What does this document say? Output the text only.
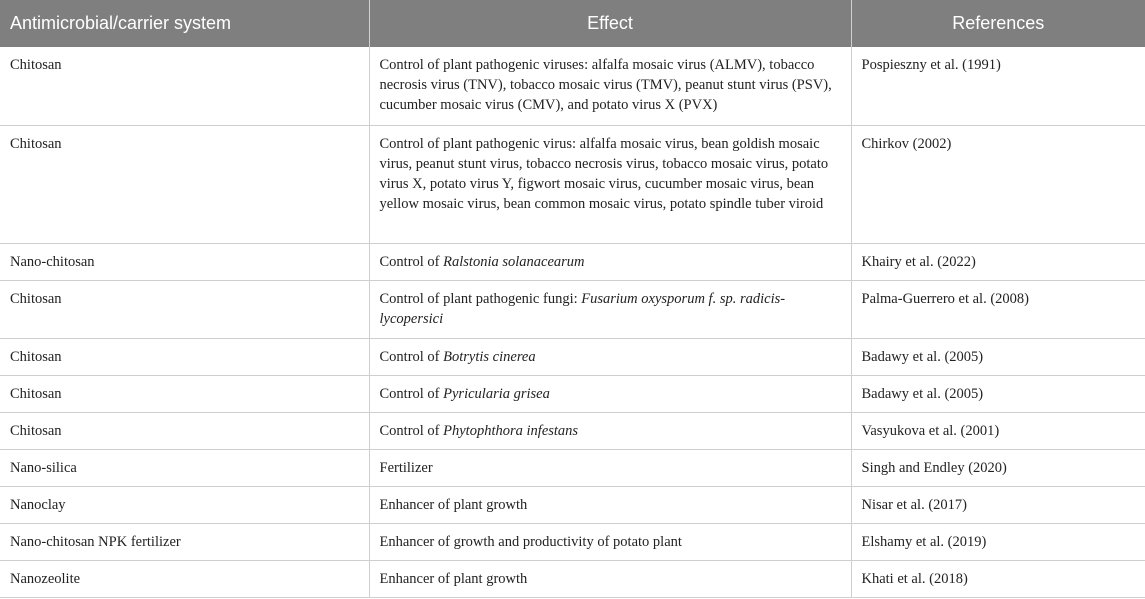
Antimicrobial/carrier system	Effect	References
Chitosan	Control of plant pathogenic viruses: alfalfa mosaic virus (ALMV), tobacco necrosis virus (TNV), tobacco mosaic virus (TMV), peanut stunt virus (PSV), cucumber mosaic virus (CMV), and potato virus X (PVX)	Pospieszny et al. (1991)
Chitosan	Control of plant pathogenic virus: alfalfa mosaic virus, bean goldish mosaic virus, peanut stunt virus, tobacco necrosis virus, tobacco mosaic virus, potato virus X, potato virus Y, figwort mosaic virus, cucumber mosaic virus, bean yellow mosaic virus, bean common mosaic virus, potato spindle tuber viroid	Chirkov (2002)
Nano-chitosan	Control of Ralstonia solanacearum	Khairy et al. (2022)
Chitosan	Control of plant pathogenic fungi: Fusarium oxysporum f. sp. radicis-lycopersici	Palma-Guerrero et al. (2008)
Chitosan	Control of Botrytis cinerea	Badawy et al. (2005)
Chitosan	Control of Pyricularia grisea	Badawy et al. (2005)
Chitosan	Control of Phytophthora infestans	Vasyukova et al. (2001)
Nano-silica	Fertilizer	Singh and Endley (2020)
Nanoclay	Enhancer of plant growth	Nisar et al. (2017)
Nano-chitosan NPK fertilizer	Enhancer of growth and productivity of potato plant	Elshamy et al. (2019)
Nanozeolite	Enhancer of plant growth	Khati et al. (2018)
